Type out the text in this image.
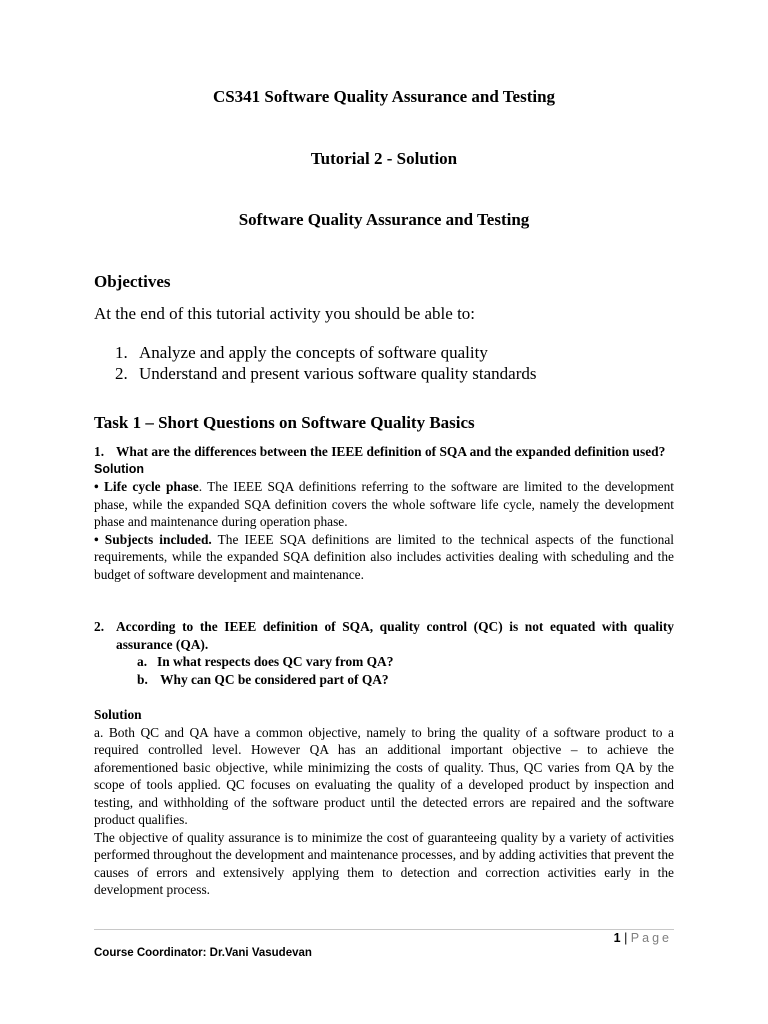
CS341 Software Quality Assurance and Testing
Tutorial 2 - Solution
Software Quality Assurance and Testing
Objectives
At the end of this tutorial activity you should be able to:
1. Analyze and apply the concepts of software quality
2. Understand and present various software quality standards
Task 1 – Short Questions on Software Quality Basics
1. What are the differences between the IEEE definition of SQA and the expanded definition used?
Solution
• Life cycle phase. The IEEE SQA definitions referring to the software are limited to the development phase, while the expanded SQA definition covers the whole software life cycle, namely the development phase and maintenance during operation phase.
• Subjects included. The IEEE SQA definitions are limited to the technical aspects of the functional requirements, while the expanded SQA definition also includes activities dealing with scheduling and the budget of software development and maintenance.
2. According to the IEEE definition of SQA, quality control (QC) is not equated with quality assurance (QA).
a. In what respects does QC vary from QA?
b. Why can QC be considered part of QA?
Solution
a. Both QC and QA have a common objective, namely to bring the quality of a software product to a required controlled level. However QA has an additional important objective – to achieve the aforementioned basic objective, while minimizing the costs of quality. Thus, QC varies from QA by the scope of tools applied. QC focuses on evaluating the quality of a developed product by inspection and testing, and withholding of the software product until the detected errors are repaired and the software product qualifies.
The objective of quality assurance is to minimize the cost of guaranteeing quality by a variety of activities performed throughout the development and maintenance processes, and by adding activities that prevent the causes of errors and extensively applying them to detection and correction activities early in the development process.
1 | Page
Course Coordinator: Dr.Vani Vasudevan
